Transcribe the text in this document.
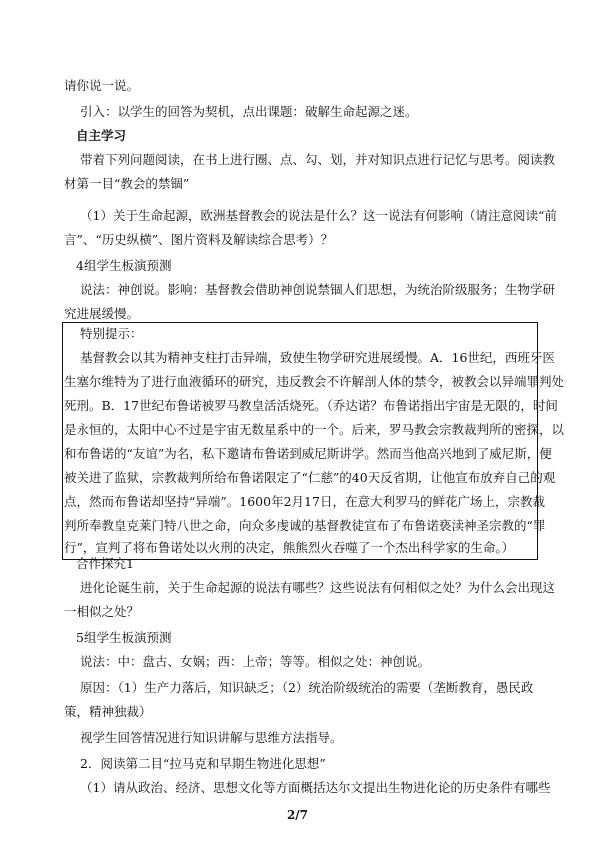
请你说一说。
引入：以学生的回答为契机，点出课题：破解生命起源之迷。
自主学习
带着下列问题阅读，在书上进行圈、点、勾、划，并对知识点进行记忆与思考。阅读教
材第一目“教会的禁锢”
（1）关于生命起源，欧洲基督教会的说法是什么？这一说法有何影响（请注意阅读“前
言”、“历史纵横”、图片资料及解读综合思考）？
4组学生板演预测
说法：神创说。影响：基督教会借助神创说禁锢人们思想，为统治阶级服务；生物学研
究进展缓慢。
特别提示：
基督教会以其为精神支柱打击异端，致使生物学研究进展缓慢。A．16世纪，西班牙医
生塞尔维特为了进行血液循环的研究，违反教会不许解剖人体的禁令，被教会以异端罪判处
死刑。B．17世纪布鲁诺被罗马教皇活活烧死。（乔达诺？布鲁诺指出宇宙是无限的，时间
是永恒的，太阳中心不过是宇宙无数星系中的一个。后来，罗马教会宗教裁判所的密探，以
和布鲁诺的“友谊”为名，私下邀请布鲁诺到威尼斯讲学。然而当他高兴地到了威尼斯，便
被关进了监狱，宗教裁判所给布鲁诺限定了“仁慈”的40天反省期，让他宣布放弃自己的观
点，然而布鲁诺却坚持“异端”。1600年2月17日，在意大利罗马的鲜花广场上，宗教裁
判所奉教皇克莱门特八世之命，向众多虔诚的基督教徒宣布了布鲁诺亵渎神圣宗教的“罪
合作探究1
进化论诞生前，关于生命起源的说法有哪些？这些说法有何相似之处？为什么会出现这
一相似之处？
5组学生板演预测
说法：中：盘古、女娲；西：上帝；等等。相似之处：神创说。
原因：（1）生产力落后，知识缺乏；（2）统治阶级统治的需要（垄断教育，愚民政
策，精神独裁）
视学生回答情况进行知识讲解与思维方法指导。
2．阅读第二目“拉马克和早期生物进化思想”
（1）请从政治、经济、思想文化等方面概括达尔文提出生物进化论的历史条件有哪些
2/7
行”，宣判了将布鲁诺处以火刑的决定，熊熊烈火吞噬了一个杰出科学家的生命。）
